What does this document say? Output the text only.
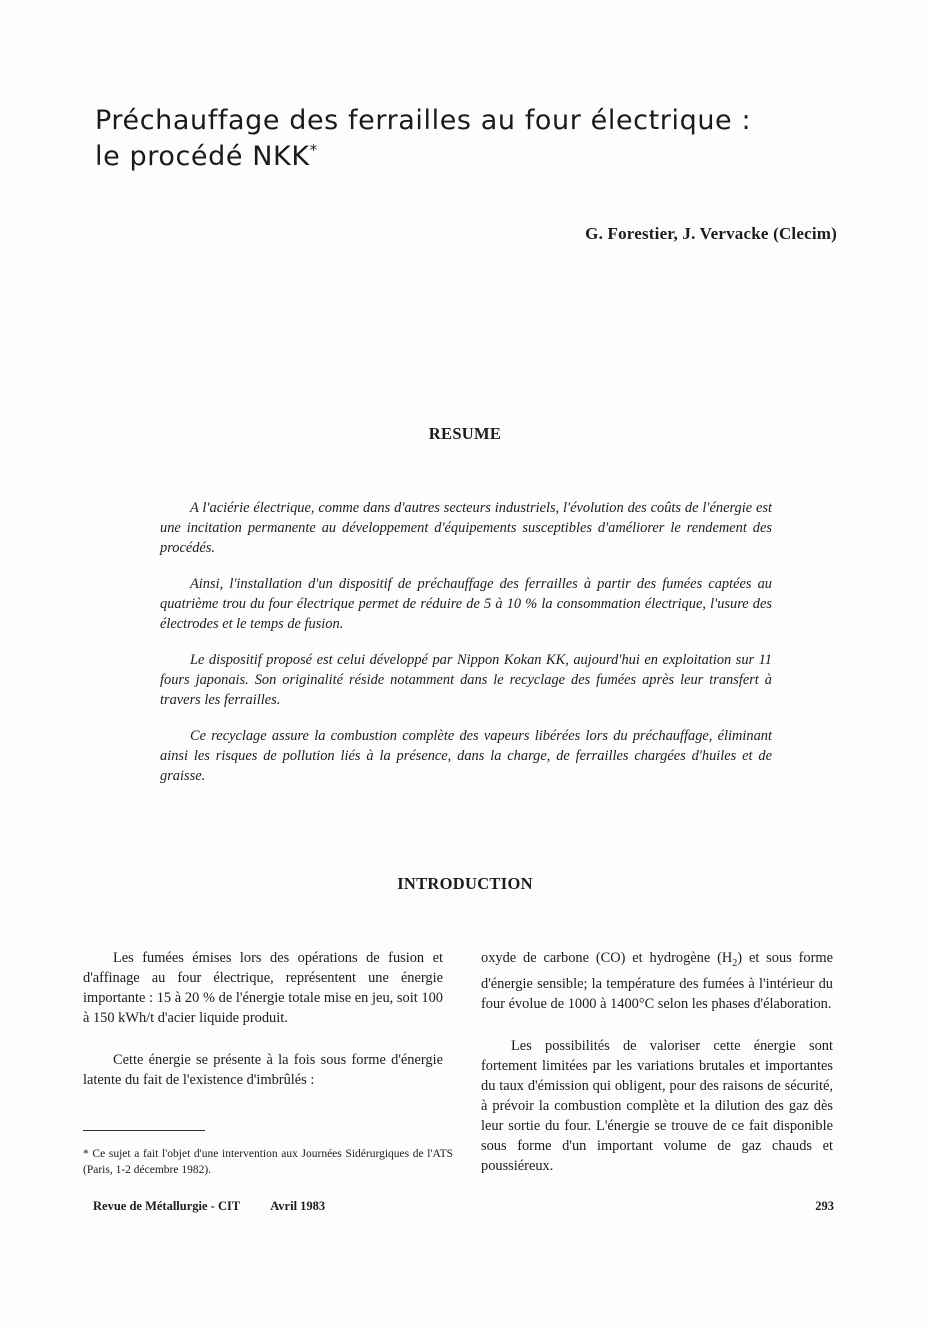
Préchauffage des ferrailles au four électrique :
le procédé NKK*
G. Forestier, J. Vervacke (Clecim)
RESUME

A l'aciérie électrique, comme dans d'autres secteurs industriels, l'évolution des coûts de l'énergie est une incitation permanente au développement d'équipements susceptibles d'améliorer le rendement des procédés.

Ainsi, l'installation d'un dispositif de préchauffage des ferrailles à partir des fumées captées au quatrième trou du four électrique permet de réduire de 5 à 10 % la consommation électrique, l'usure des électrodes et le temps de fusion.

Le dispositif proposé est celui développé par Nippon Kokan KK, aujourd'hui en exploitation sur 11 fours japonais. Son originalité réside notamment dans le recyclage des fumées après leur transfert à travers les ferrailles.

Ce recyclage assure la combustion complète des vapeurs libérées lors du préchauffage, éliminant ainsi les risques de pollution liés à la présence, dans la charge, de ferrailles chargées d'huiles et de graisse.

INTRODUCTION

Les fumées émises lors des opérations de fusion et d'affinage au four électrique, représentent une énergie importante : 15 à 20 % de l'énergie totale mise en jeu, soit 100 à 150 kWh/t d'acier liquide produit.

Cette énergie se présente à la fois sous forme d'énergie latente du fait de l'existence d'imbrûlés :

oxyde de carbone (CO) et hydrogène $(H_2)$ et sous forme d'énergie sensible; la température des fumées à l'intérieur du four évolue de 1000 à 1400°C selon les phases d'élaboration.

Les possibilités de valoriser cette énergie sont fortement limitées par les variations brutales et importantes du taux d'émission qui obligent, pour des raisons de sécurité, à prévoir la combustion complète et la dilution des gaz dès leur sortie du four. L'énergie se trouve de ce fait disponible sous forme d'un important volume de gaz chauds et poussiéreux.

* Ce sujet a fait l'objet d'une intervention aux Journées Sidérurgiques de l'ATS (Paris, 1-2 décembre 1982).
Revue de Métallurgie - CIT Avril 1983	293
